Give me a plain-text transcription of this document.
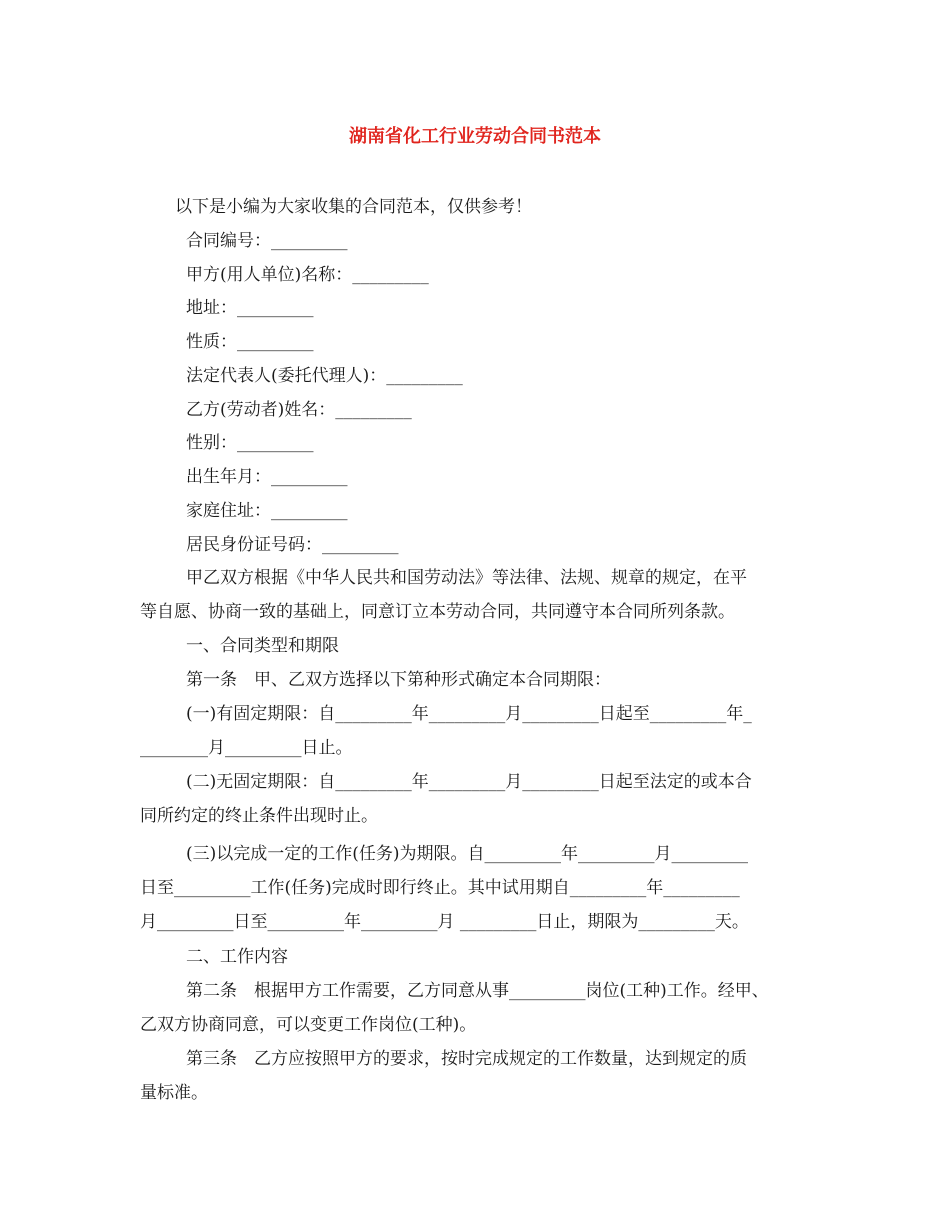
湖南省化工行业劳动合同书范本
以下是小编为大家收集的合同范本，仅供参考！
合同编号：_________
甲方(用人单位)名称：_________
地址：_________
性质：_________
法定代表人(委托代理人)：_________
乙方(劳动者)姓名：_________
性别：_________
出生年月：_________
家庭住址：_________
居民身份证号码：_________
甲乙双方根据《中华人民共和国劳动法》等法律、法规、规章的规定，在平
等自愿、协商一致的基础上，同意订立本劳动合同，共同遵守本合同所列条款。
一、合同类型和期限
第一条　甲、乙双方选择以下第种形式确定本合同期限：
(一)有固定期限：自_________年_________月_________日起至_________年_
________月_________日止。
(二)无固定期限：自_________年_________月_________日起至法定的或本合
同所约定的终止条件出现时止。
(三)以完成一定的工作(任务)为期限。自_________年_________月_________
日至_________工作(任务)完成时即行终止。其中试用期自_________年_________
月_________日至_________年_________月 _________日止，期限为_________天。
二、工作内容
第二条　根据甲方工作需要，乙方同意从事_________岗位(工种)工作。经甲、
乙双方协商同意，可以变更工作岗位(工种)。
第三条　乙方应按照甲方的要求，按时完成规定的工作数量，达到规定的质
量标准。
